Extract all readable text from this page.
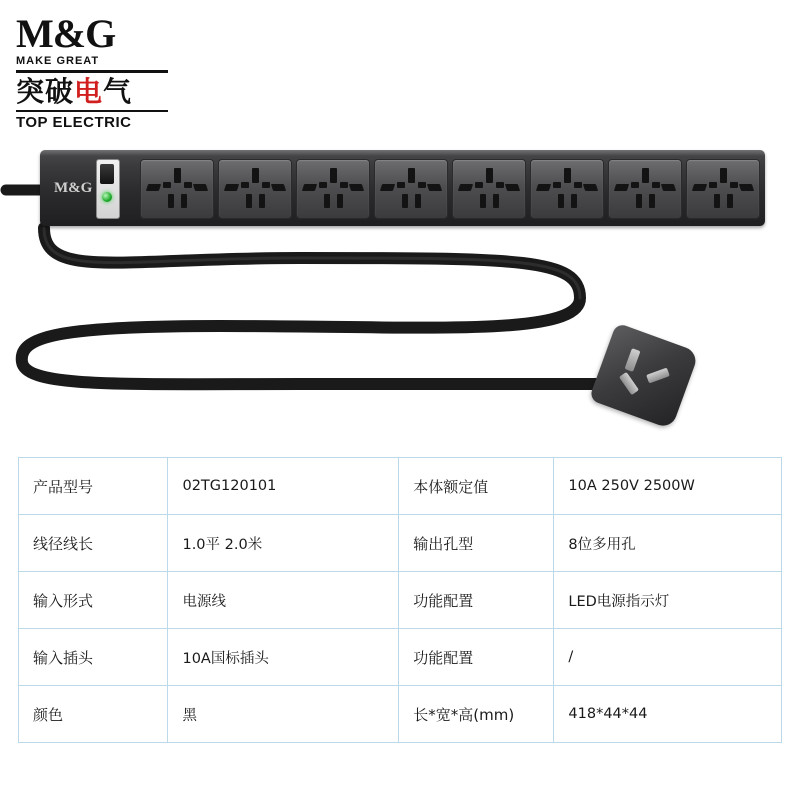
M&G
MAKE GREAT
突破电气
TOP ELECTRIC
M&G
产品型号	02TG120101	本体额定值	10A 250V 2500W
线径线长	1.0平 2.0米	输出孔型	8位多用孔
输入形式	电源线	功能配置	LED电源指示灯
输入插头	10A国标插头	功能配置	/
颜色	黑	长*宽*高(mm)	418*44*44
